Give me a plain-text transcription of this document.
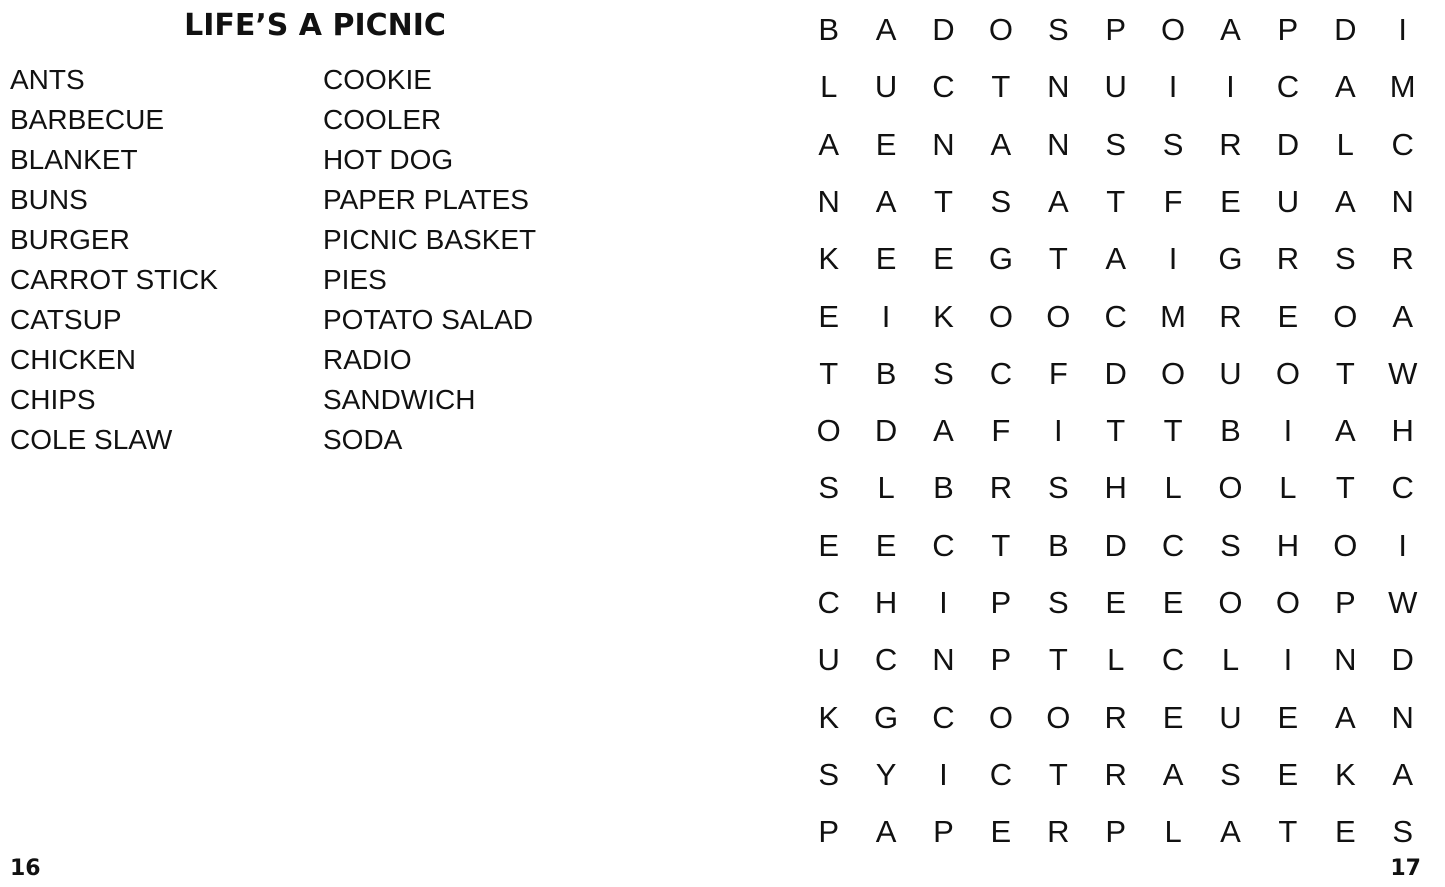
LIFE’S A PICNIC
ANTS
BARBECUE
BLANKET
BUNS
BURGER
CARROT STICK
CATSUP
CHICKEN
CHIPS
COLE SLAW
COOKIE
COOLER
HOT DOG
PAPER PLATES
PICNIC BASKET
PIES
POTATO SALAD
RADIO
SANDWICH
SODA
16
B	A	D	O	S	P	O	A	P	D	I
L	U	C	T	N	U	I	I	C	A	M
A	E	N	A	N	S	S	R	D	L	C
N	A	T	S	A	T	F	E	U	A	N
K	E	E	G	T	A	I	G	R	S	R
E	I	K	O	O	C	M	R	E	O	A
T	B	S	C	F	D	O	U	O	T	W
O	D	A	F	I	T	T	B	I	A	H
S	L	B	R	S	H	L	O	L	T	C
E	E	C	T	B	D	C	S	H	O	I
C	H	I	P	S	E	E	O	O	P	W
U	C	N	P	T	L	C	L	I	N	D
K	G	C	O	O	R	E	U	E	A	N
S	Y	I	C	T	R	A	S	E	K	A
P	A	P	E	R	P	L	A	T	E	S
17
